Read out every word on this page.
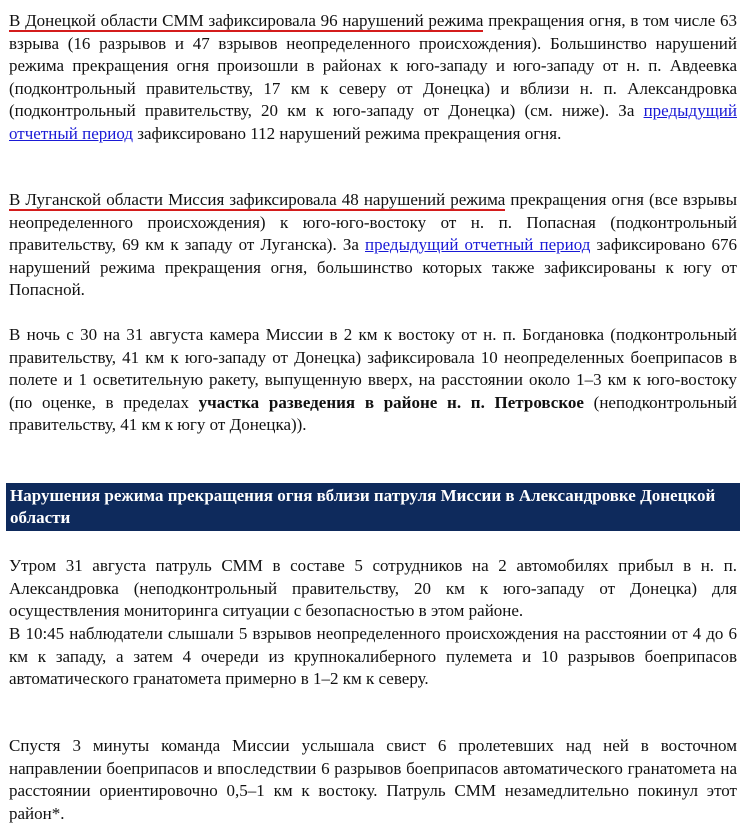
В Донецкой области СММ зафиксировала 96 нарушений режима прекращения огня, в том числе 63 взрыва (16 разрывов и 47 взрывов неопределенного происхождения). Большинство нарушений режима прекращения огня произошли в районах к юго-западу и юго-западу от н. п. Авдеевка (подконтрольный правительству, 17 км к северу от Донецка) и вблизи н. п. Александровка (подконтрольный правительству, 20 км к юго-западу от Донецка) (см. ниже). За предыдущий отчетный период зафиксировано 112 нарушений режима прекращения огня.

В Луганской области Миссия зафиксировала 48 нарушений режима прекращения огня (все взрывы неопределенного происхождения) к юго-юго-востоку от н. п. Попасная (подконтрольный правительству, 69 км к западу от Луганска). За предыдущий отчетный период зафиксировано 676 нарушений режима прекращения огня, большинство которых также зафиксированы к югу от Попасной.

В ночь с 30 на 31 августа камера Миссии в 2 км к востоку от н. п. Богдановка (подконтрольный правительству, 41 км к юго-западу от Донецка) зафиксировала 10 неопределенных боеприпасов в полете и 1 осветительную ракету, выпущенную вверх, на расстоянии около 1–3 км к юго-востоку (по оценке, в пределах участка разведения в районе н. п. Петровское (неподконтрольный правительству, 41 км к югу от Донецка)).

Нарушения режима прекращения огня вблизи патруля Миссии в Александровке Донецкой области

Утром 31 августа патруль СММ в составе 5 сотрудников на 2 автомобилях прибыл в н. п. Александровка (неподконтрольный правительству, 20 км к юго-западу от Донецка) для осуществления мониторинга ситуации с безопасностью в этом районе.

В 10:45 наблюдатели слышали 5 взрывов неопределенного происхождения на расстоянии от 4 до 6 км к западу, а затем 4 очереди из крупнокалиберного пулемета и 10 разрывов боеприпасов автоматического гранатомета примерно в 1–2 км к северу.

Спустя 3 минуты команда Миссии услышала свист 6 пролетевших над ней в восточном направлении боеприпасов и впоследствии 6 разрывов боеприпасов автоматического гранатомета на расстоянии ориентировочно 0,5–1 км к востоку. Патруль СММ незамедлительно покинул этот район*.
